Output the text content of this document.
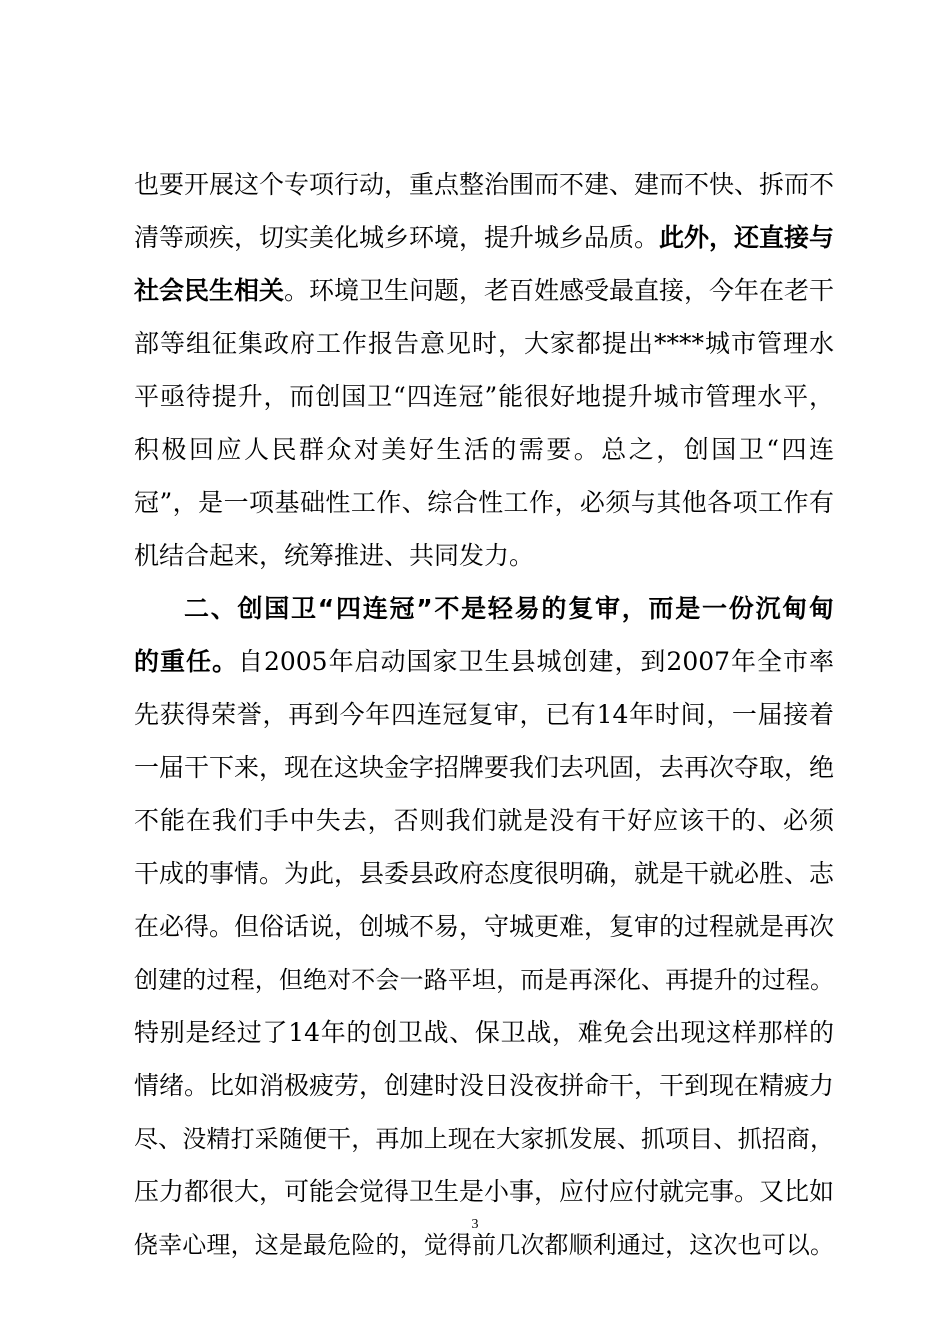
也要开展这个专项行动，重点整治围而不建、建而不快、拆而不
清等顽疾，切实美化城乡环境，提升城乡品质。此外，还直接与
社会民生相关。环境卫生问题，老百姓感受最直接，今年在老干
部等组征集政府工作报告意见时，大家都提出****城市管理水
平亟待提升，而创国卫“四连冠”能很好地提升城市管理水平，
积极回应人民群众对美好生活的需要。总之，创国卫“四连
冠”，是一项基础性工作、综合性工作，必须与其他各项工作有
机结合起来，统筹推进、共同发力。
二、创国卫“四连冠”不是轻易的复审，而是一份沉甸甸
的重任。自2005年启动国家卫生县城创建，到2007年全市率
先获得荣誉，再到今年四连冠复审，已有14年时间，一届接着
一届干下来，现在这块金字招牌要我们去巩固，去再次夺取，绝
不能在我们手中失去，否则我们就是没有干好应该干的、必须
干成的事情。为此，县委县政府态度很明确，就是干就必胜、志
在必得。但俗话说，创城不易，守城更难，复审的过程就是再次
创建的过程，但绝对不会一路平坦，而是再深化、再提升的过程。
特别是经过了14年的创卫战、保卫战，难免会出现这样那样的
情绪。比如消极疲劳，创建时没日没夜拼命干，干到现在精疲力
尽、没精打采随便干，再加上现在大家抓发展、抓项目、抓招商，
压力都很大，可能会觉得卫生是小事，应付应付就完事。又比如
侥幸心理，这是最危险的，觉得前几次都顺利通过，这次也可以。
3
